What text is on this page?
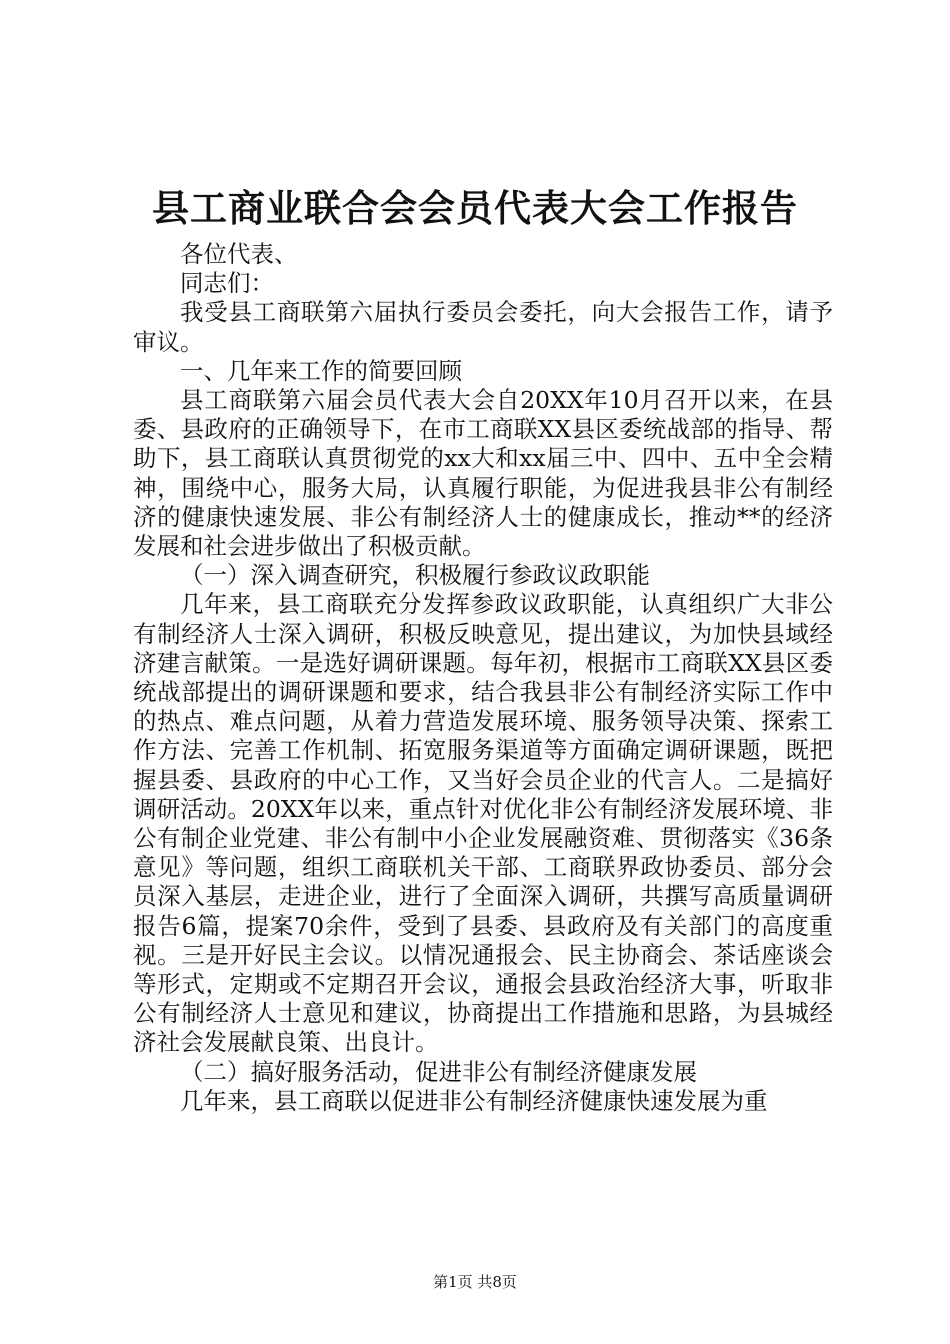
县工商业联合会会员代表大会工作报告

各位代表、

同志们：

我受县工商联第六届执行委员会委托，向大会报告工作，请予审议。

一、几年来工作的简要回顾

县工商联第六届会员代表大会自20XX年10月召开以来，在县委、县政府的正确领导下，在市工商联XX县区委统战部的指导、帮助下，县工商联认真贯彻党的xx大和xx届三中、四中、五中全会精神，围绕中心，服务大局，认真履行职能，为促进我县非公有制经济的健康快速发展、非公有制经济人士的健康成长，推动**的经济发展和社会进步做出了积极贡献。

（一）深入调查研究，积极履行参政议政职能

几年来，县工商联充分发挥参政议政职能，认真组织广大非公有制经济人士深入调研，积极反映意见，提出建议，为加快县域经济建言献策。一是选好调研课题。每年初，根据市工商联XX县区委统战部提出的调研课题和要求，结合我县非公有制经济实际工作中的热点、难点问题，从着力营造发展环境、服务领导决策、探索工作方法、完善工作机制、拓宽服务渠道等方面确定调研课题，既把握县委、县政府的中心工作，又当好会员企业的代言人。二是搞好调研活动。20XX年以来，重点针对优化非公有制经济发展环境、非公有制企业党建、非公有制中小企业发展融资难、贯彻落实《36条意见》等问题，组织工商联机关干部、工商联界政协委员、部分会员深入基层，走进企业，进行了全面深入调研，共撰写高质量调研报告6篇，提案70余件，受到了县委、县政府及有关部门的高度重视。三是开好民主会议。以情况通报会、民主协商会、茶话座谈会等形式，定期或不定期召开会议，通报会县政治经济大事，听取非公有制经济人士意见和建议，协商提出工作措施和思路，为县城经济社会发展献良策、出良计。

（二）搞好服务活动，促进非公有制经济健康发展

几年来，县工商联以促进非公有制经济健康快速发展为重

第1页 共8页
